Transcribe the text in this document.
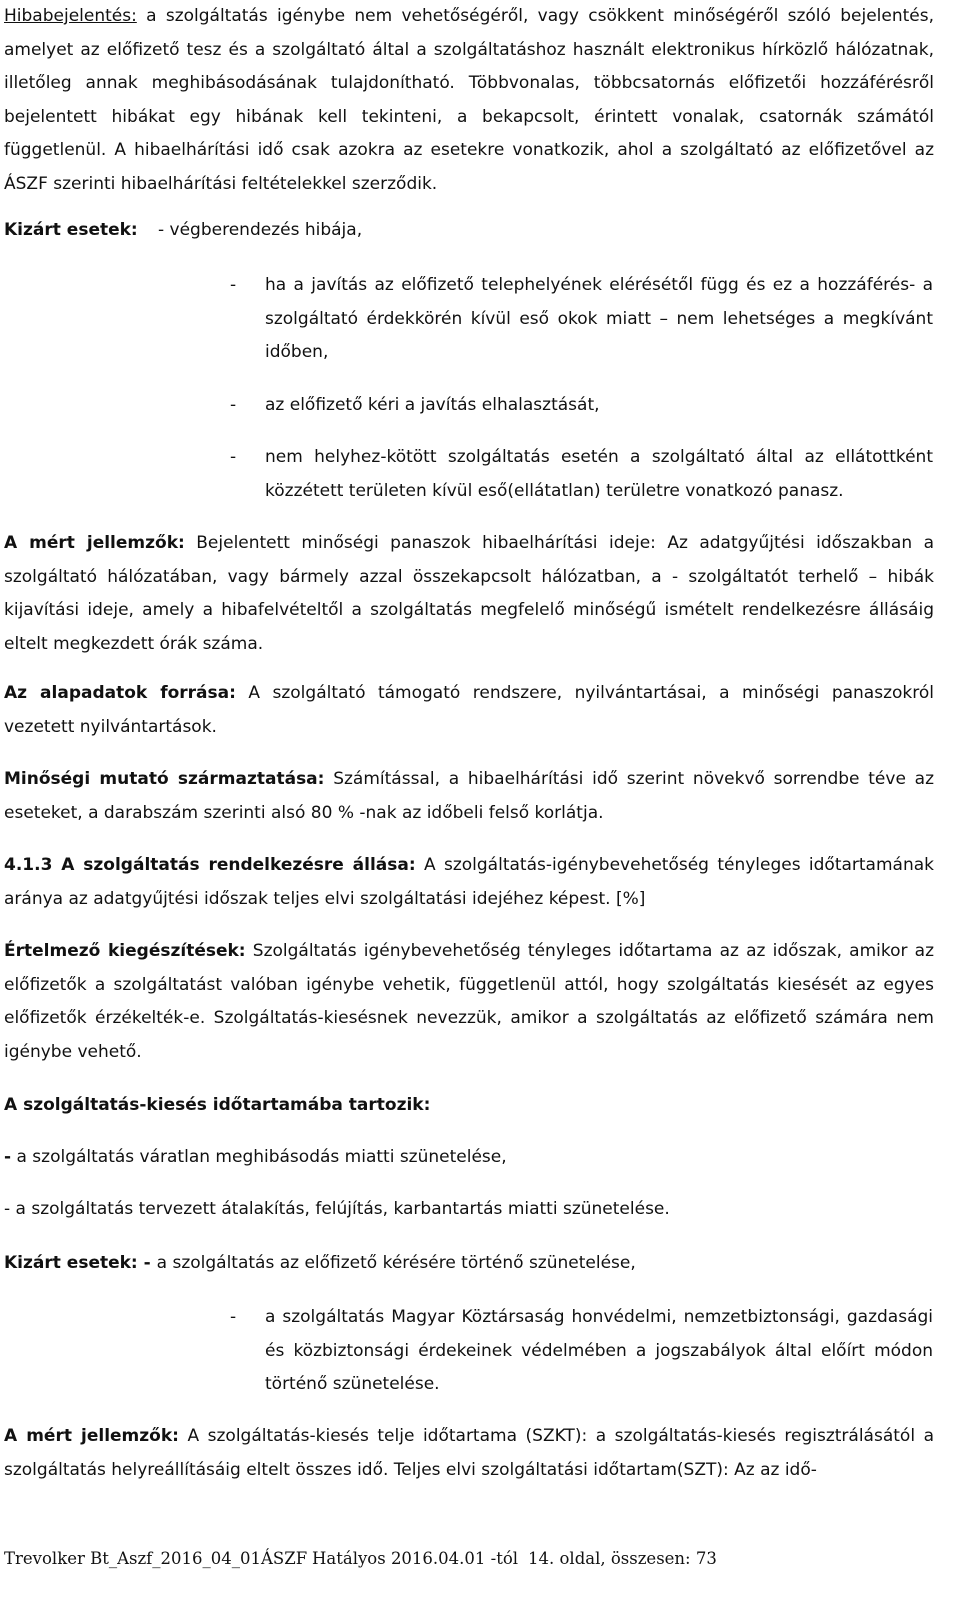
Hibabejelentés: a szolgáltatás igénybe nem vehetőségéről, vagy csökkent minőségéről szóló bejelentés, amelyet az előfizető tesz és a szolgáltató által a szolgáltatáshoz használt elektronikus hírközlő hálózatnak, illetőleg annak meghibásodásának tulajdonítható. Többvonalas, többcsatornás előfizetői hozzáférésről bejelentett hibákat egy hibának kell tekinteni, a bekapcsolt, érintett vonalak, csatornák számától függetlenül. A hibaelhárítási idő csak azokra az esetekre vonatkozik, ahol a szolgáltató az előfizetővel az ÁSZF szerinti hibaelhárítási feltételekkel szerződik.

Kizárt esetek: - végberendezés hibája,
- ha a javítás az előfizető telephelyének elérésétől függ és ez a hozzáférés- a szolgáltató érdekkörén kívül eső okok miatt – nem lehetséges a megkívánt időben,
- az előfizető kéri a javítás elhalasztását,
- nem helyhez-kötött szolgáltatás esetén a szolgáltató által az ellátottként közzétett területen kívül eső(ellátatlan) területre vonatkozó panasz.

A mért jellemzők: Bejelentett minőségi panaszok hibaelhárítási ideje: Az adatgyűjtési időszakban a szolgáltató hálózatában, vagy bármely azzal összekapcsolt hálózatban, a - szolgáltatót terhelő – hibák kijavítási ideje, amely a hibafelvételtől a szolgáltatás megfelelő minőségű ismételt rendelkezésre állásáig eltelt megkezdett órák száma.

Az alapadatok forrása: A szolgáltató támogató rendszere, nyilvántartásai, a minőségi panaszokról vezetett nyilvántartások.

Minőségi mutató származtatása: Számítással, a hibaelhárítási idő szerint növekvő sorrendbe téve az eseteket, a darabszám szerinti alsó 80 % -nak az időbeli felső korlátja.

4.1.3 A szolgáltatás rendelkezésre állása: A szolgáltatás-igénybevehetőség tényleges időtartamának aránya az adatgyűjtési időszak teljes elvi szolgáltatási idejéhez képest. [%]

Értelmező kiegészítések: Szolgáltatás igénybevehetőség tényleges időtartama az az időszak, amikor az előfizetők a szolgáltatást valóban igénybe vehetik, függetlenül attól, hogy szolgáltatás kiesését az egyes előfizetők érzékelték-e. Szolgáltatás-kiesésnek nevezzük, amikor a szolgáltatás az előfizető számára nem igénybe vehető.

A szolgáltatás-kiesés időtartamába tartozik:
- a szolgáltatás váratlan meghibásodás miatti szünetelése,
- a szolgáltatás tervezett átalakítás, felújítás, karbantartás miatti szünetelése.
Kizárt esetek: - a szolgáltatás az előfizető kérésére történő szünetelése,
- a szolgáltatás Magyar Köztársaság honvédelmi, nemzetbiztonsági, gazdasági és közbiztonsági érdekeinek védelmében a jogszabályok által előírt módon történő szünetelése.

A mért jellemzők: A szolgáltatás-kiesés telje időtartama (SZKT): a szolgáltatás-kiesés regisztrálásától a szolgáltatás helyreállításáig eltelt összes idő. Teljes elvi szolgáltatási időtartam(SZT): Az az idő-

Trevolker Bt_Aszf_2016_04_01ÁSZF Hatályos 2016.04.01 -tól 14. oldal, összesen: 73
